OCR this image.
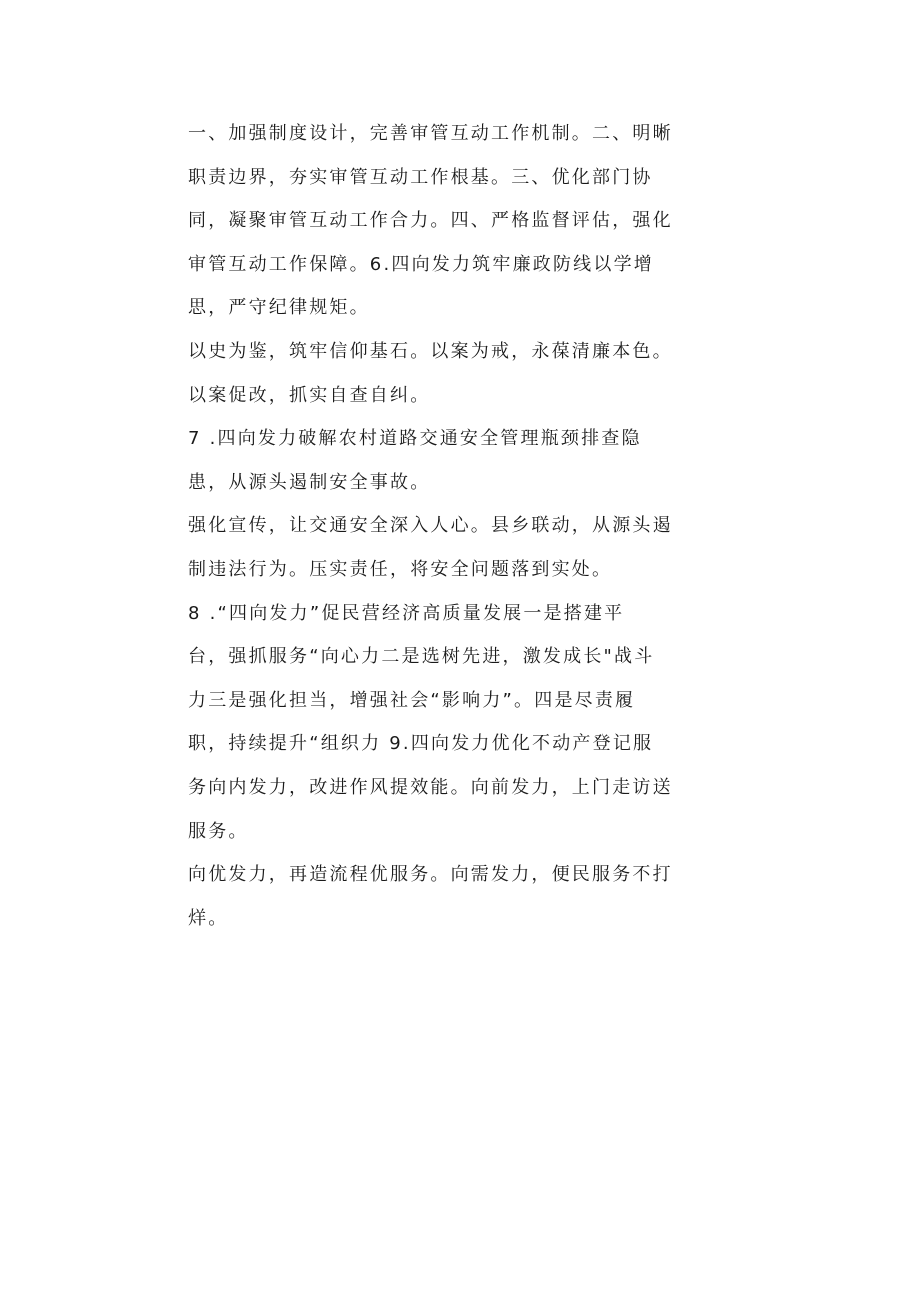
一、加强制度设计，完善审管互动工作机制。二、明晰
职责边界，夯实审管互动工作根基。三、优化部门协
同，凝聚审管互动工作合力。四、严格监督评估，强化
审管互动工作保障。6.四向发力筑牢廉政防线以学增
思，严守纪律规矩。
以史为鉴，筑牢信仰基石。以案为戒，永葆清廉本色。
以案促改，抓实自查自纠。
7 .四向发力破解农村道路交通安全管理瓶颈排查隐
患，从源头遏制安全事故。
强化宣传，让交通安全深入人心。县乡联动，从源头遏
制违法行为。压实责任，将安全问题落到实处。
8 .“四向发力”促民营经济高质量发展一是搭建平
台，强抓服务“向心力二是选树先进，激发成长"战斗
力三是强化担当，增强社会“影响力”。四是尽责履
职，持续提升“组织力 9.四向发力优化不动产登记服
务向内发力，改进作风提效能。向前发力，上门走访送
服务。
向优发力，再造流程优服务。向需发力，便民服务不打
烊。
